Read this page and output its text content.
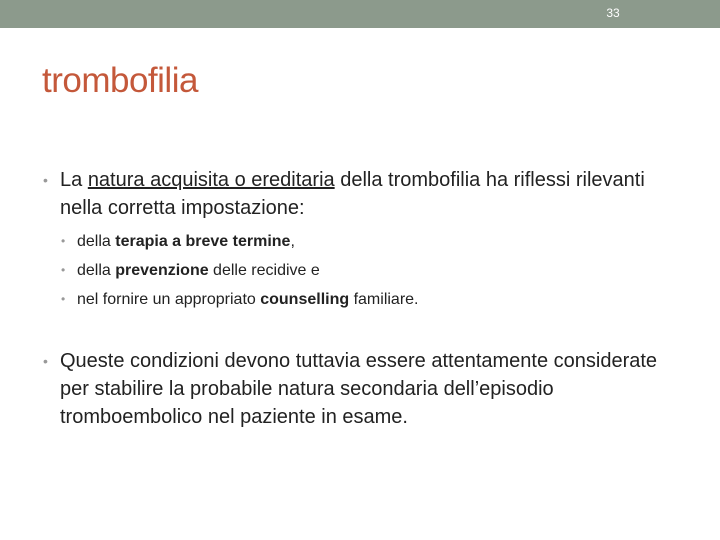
33
trombofilia

• La natura acquisita o ereditaria della trombofilia ha riflessi rilevanti nella corretta impostazione:

• della terapia a breve termine,

• della prevenzione delle recidive e

• nel fornire un appropriato counselling familiare.

• Queste condizioni devono tuttavia essere attentamente considerate per stabilire la probabile natura secondaria dell’episodio tromboembolico nel paziente in esame.
